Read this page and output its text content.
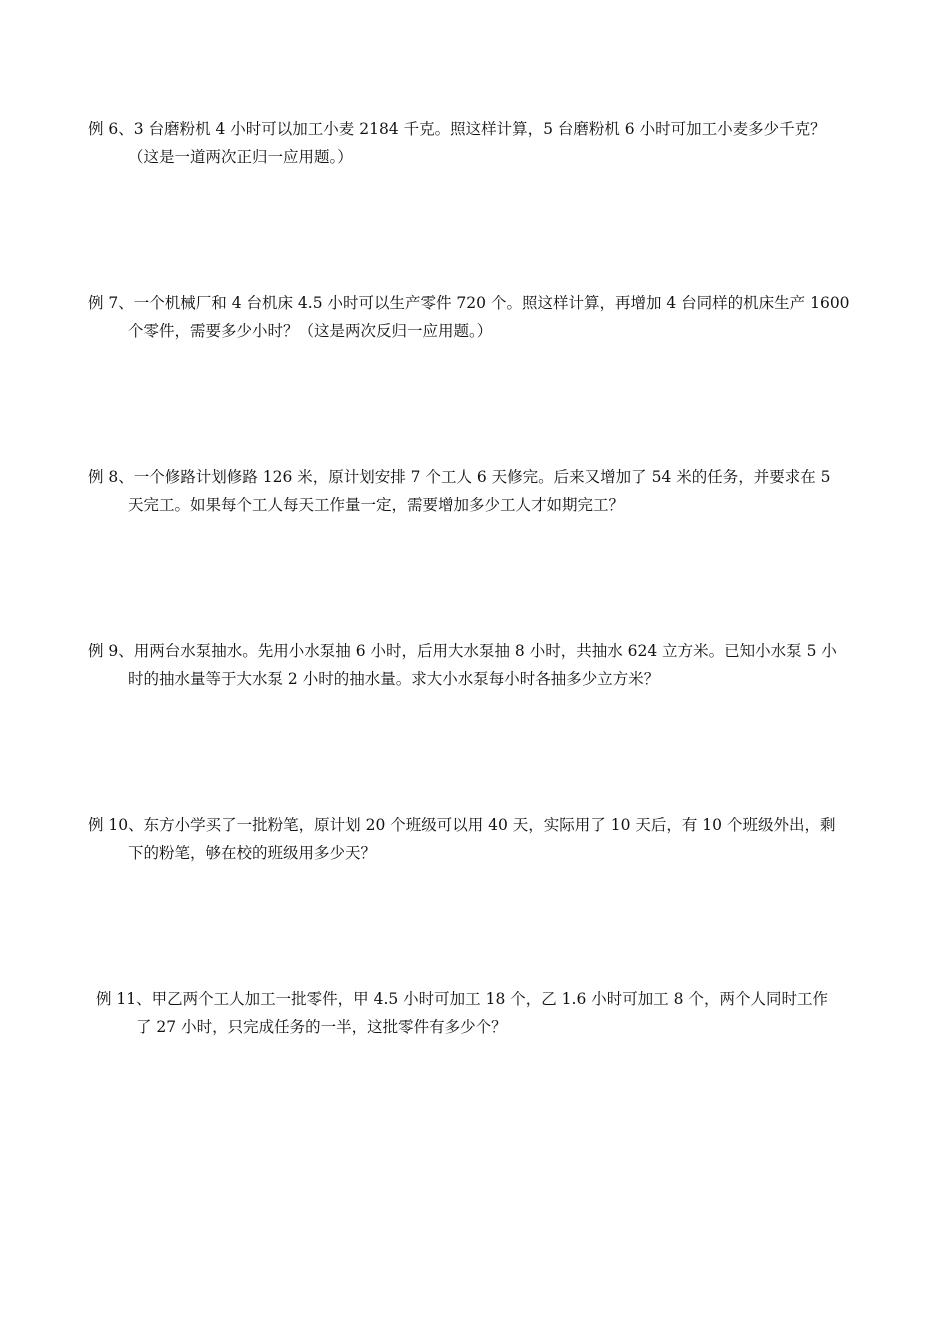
例 6、3 台磨粉机 4 小时可以加工小麦 2184 千克。照这样计算，5 台磨粉机 6 小时可加工小麦多少千克？

（这是一道两次正归一应用题。）

例 7、一个机械厂和 4 台机床 4.5 小时可以生产零件 720 个。照这样计算，再增加 4 台同样的机床生产 1600

个零件，需要多少小时？（这是两次反归一应用题。）

例 8、一个修路计划修路 126 米，原计划安排 7 个工人 6 天修完。后来又增加了 54 米的任务，并要求在 5

天完工。如果每个工人每天工作量一定，需要增加多少工人才如期完工？

例 9、用两台水泵抽水。先用小水泵抽 6 小时，后用大水泵抽 8 小时，共抽水 624 立方米。已知小水泵 5 小

时的抽水量等于大水泵 2 小时的抽水量。求大小水泵每小时各抽多少立方米？

例 10、东方小学买了一批粉笔，原计划 20 个班级可以用 40 天，实际用了 10 天后，有 10 个班级外出，剩

下的粉笔，够在校的班级用多少天？

例 11、甲乙两个工人加工一批零件，甲 4.5 小时可加工 18 个，乙 1.6 小时可加工 8 个，两个人同时工作

了 27 小时，只完成任务的一半，这批零件有多少个？
